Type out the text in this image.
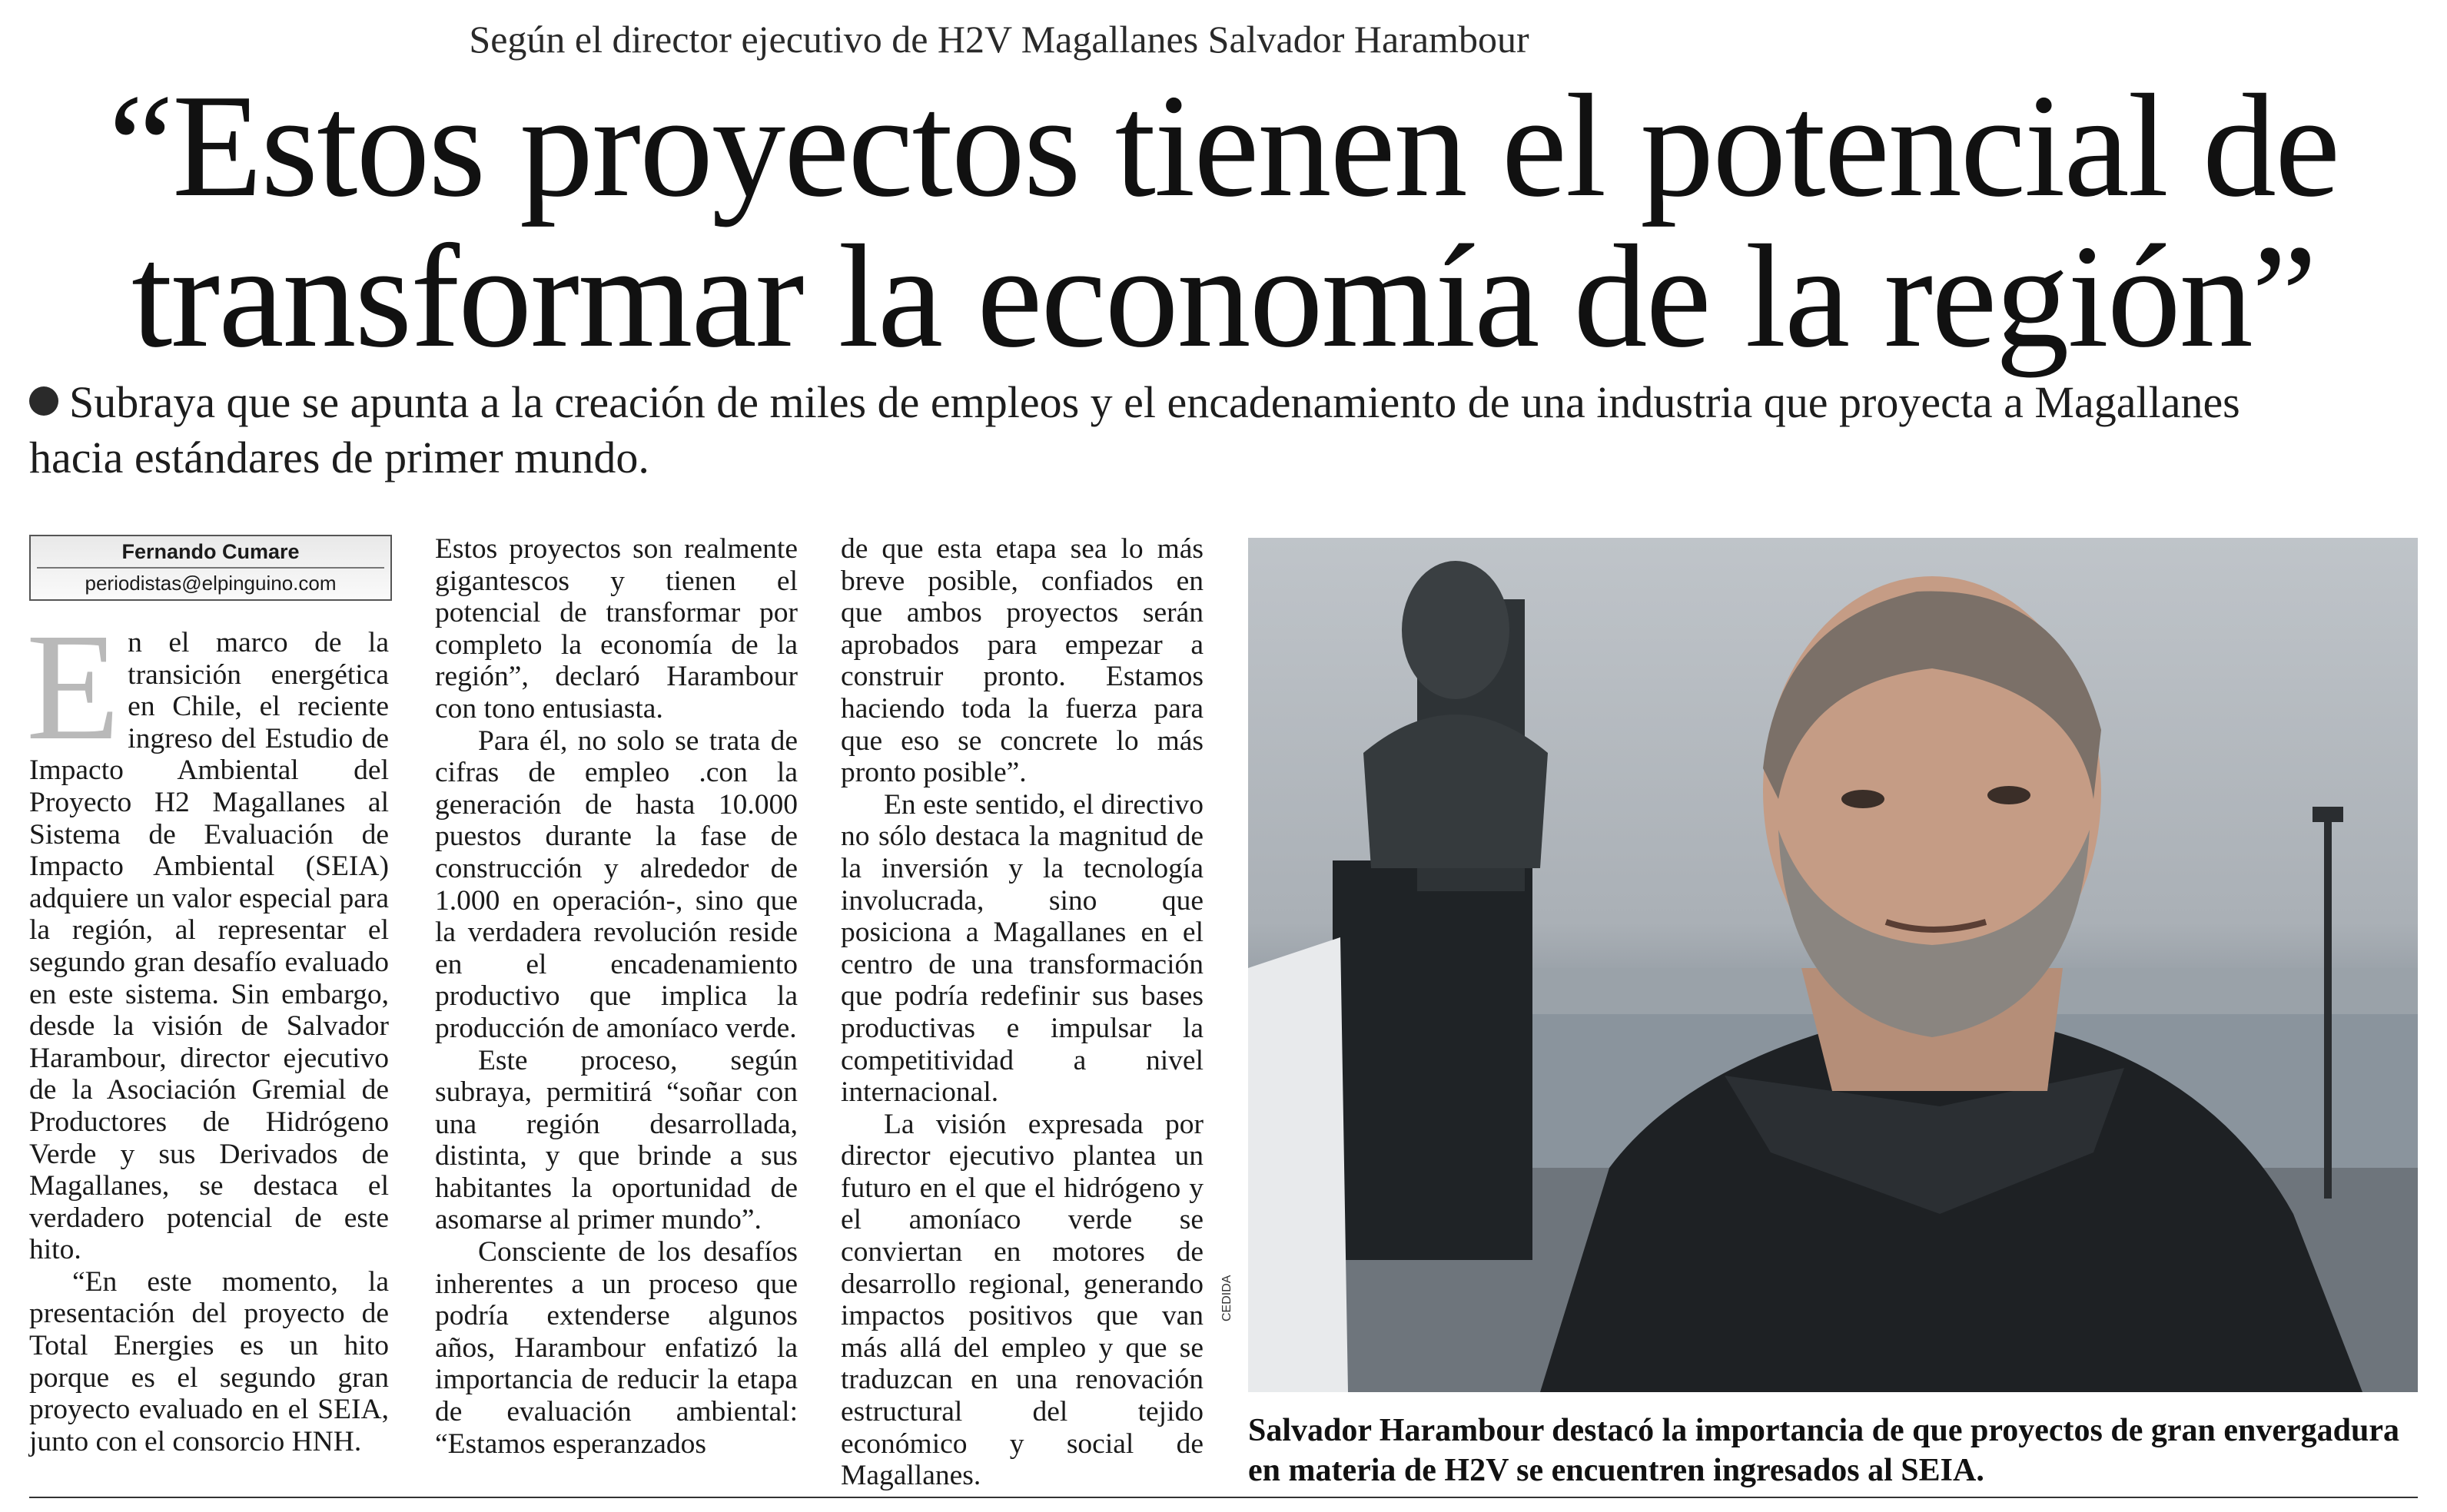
Según el director ejecutivo de H2V Magallanes Salvador Harambour
“Estos proyectos tienen el potencial de
transformar la economía de la región”
Subraya que se apunta a la creación de miles de empleos y el encadenamiento de una industria que proyecta a Magallanes hacia estándares de primer mundo.
Fernando Cumare
periodistas@elpinguino.com

En el marco de la transición energética en Chile, el reciente ingreso del Estudio de Impacto Ambiental del Proyecto H2 Magallanes al Sistema de Evaluación de Impacto Ambiental (SEIA) adquiere un valor especial para la región, al representar el segundo gran desafío evaluado en este sistema. Sin embargo, desde la visión de Salvador Harambour, director ejecutivo de la Asociación Gremial de Productores de Hidrógeno Verde y sus Derivados de Magallanes, se destaca el verdadero potencial de este hito.

“En este momento, la presentación del proyecto de Total Energies es un hito porque es el segundo gran proyecto evaluado en el SEIA, junto con el consorcio HNH.

Estos proyectos son realmente gigantescos y tienen el potencial de transformar por completo la economía de la región”, declaró Harambour con tono entusiasta.

Para él, no solo se trata de cifras de empleo .con la generación de hasta 10.000 puestos durante la fase de construcción y alrededor de 1.000 en operación-, sino que la verdadera revolución reside en el encadenamiento productivo que implica la producción de amoníaco verde.

Este proceso, según subraya, permitirá “soñar con una región desarrollada, distinta, y que brinde a sus habitantes la oportunidad de asomarse al primer mundo”.

Consciente de los desafíos inherentes a un proceso que podría extenderse algunos años, Harambour enfatizó la importancia de reducir la etapa de evaluación ambiental: “Estamos esperanzados

de que esta etapa sea lo más breve posible, confiados en que ambos proyectos serán aprobados para empezar a construir pronto. Estamos haciendo toda la fuerza para que eso se concrete lo más pronto posible”.

En este sentido, el directivo no sólo destaca la magnitud de la inversión y la tecnología involucrada, sino que posiciona a Magallanes en el centro de una transformación que podría redefinir sus bases productivas e impulsar la competitividad a nivel internacional.

La visión expresada por director ejecutivo plantea un futuro en el que el hidrógeno y el amoníaco verde se conviertan en motores de desarrollo regional, generando impactos positivos que van más allá del empleo y que se traduzcan en una renovación estructural del tejido económico y social de Magallanes.

CEDIDA
Salvador Harambour destacó la importancia de que proyectos de gran envergadura en materia de H2V se encuentren ingresados al SEIA.
